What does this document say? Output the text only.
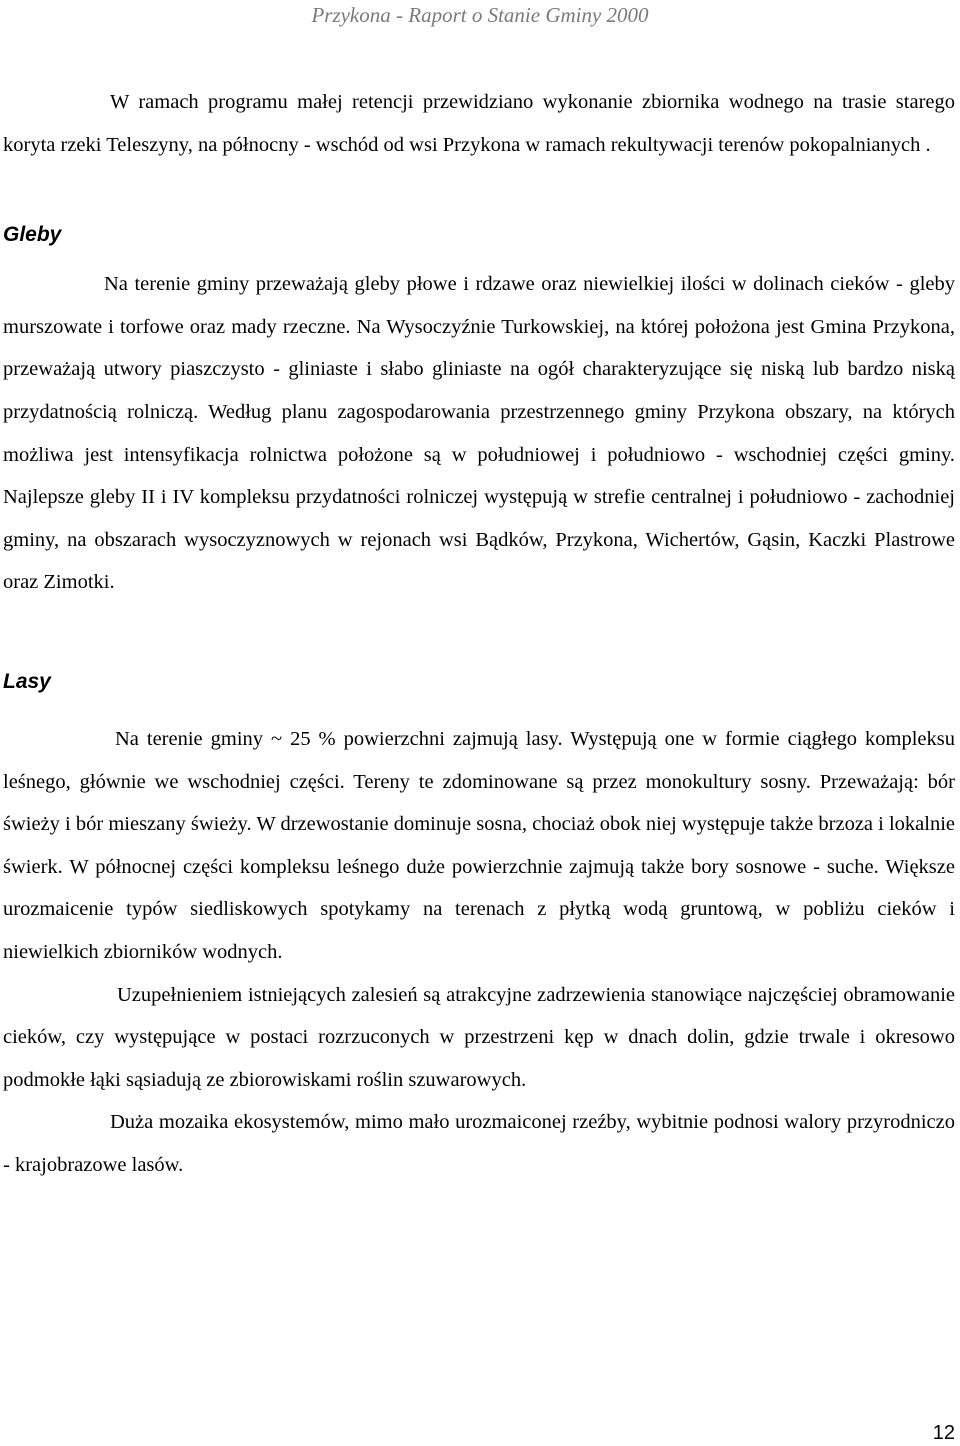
Przykona - Raport o Stanie Gminy 2000

W ramach programu małej retencji przewidziano wykonanie zbiornika wodnego na trasie starego koryta rzeki Teleszyny, na północny - wschód od wsi Przykona w ramach rekultywacji terenów pokopalnianych .

Gleby

Na terenie gminy przeważają gleby płowe i rdzawe oraz niewielkiej ilości w dolinach cieków - gleby murszowate i torfowe oraz mady rzeczne. Na Wysoczyźnie Turkowskiej, na której położona jest Gmina Przykona, przeważają utwory piaszczysto - gliniaste i słabo gliniaste na ogół charakteryzujące się niską lub bardzo niską przydatnością rolniczą. Według planu zagospodarowania przestrzennego gminy Przykona obszary, na których możliwa jest intensyfikacja rolnictwa położone są w południowej i południowo - wschodniej części gminy. Najlepsze gleby II i IV kompleksu przydatności rolniczej występują w strefie centralnej i południowo - zachodniej gminy, na obszarach wysoczyznowych w rejonach wsi Bądków, Przykona, Wichertów, Gąsin, Kaczki Plastrowe oraz Zimotki.

Lasy

Na terenie gminy ~ 25 % powierzchni zajmują lasy. Występują one w formie ciągłego kompleksu leśnego, głównie we wschodniej części. Tereny te zdominowane są przez monokultury sosny. Przeważają: bór świeży i bór mieszany świeży. W drzewostanie dominuje sosna, chociaż obok niej występuje także brzoza i lokalnie świerk. W północnej części kompleksu leśnego duże powierzchnie zajmują także bory sosnowe - suche. Większe urozmaicenie typów siedliskowych spotykamy na terenach z płytką wodą gruntową, w pobliżu cieków i niewielkich zbiorników wodnych.

Uzupełnieniem istniejących zalesień są atrakcyjne zadrzewienia stanowiące najczęściej obramowanie cieków, czy występujące w postaci rozrzuconych w przestrzeni kęp w dnach dolin, gdzie trwale i okresowo podmokłe łąki sąsiadują ze zbiorowiskami roślin szuwarowych.

Duża mozaika ekosystemów, mimo mało urozmaiconej rzeźby, wybitnie podnosi walory przyrodniczo - krajobrazowe lasów.

12
